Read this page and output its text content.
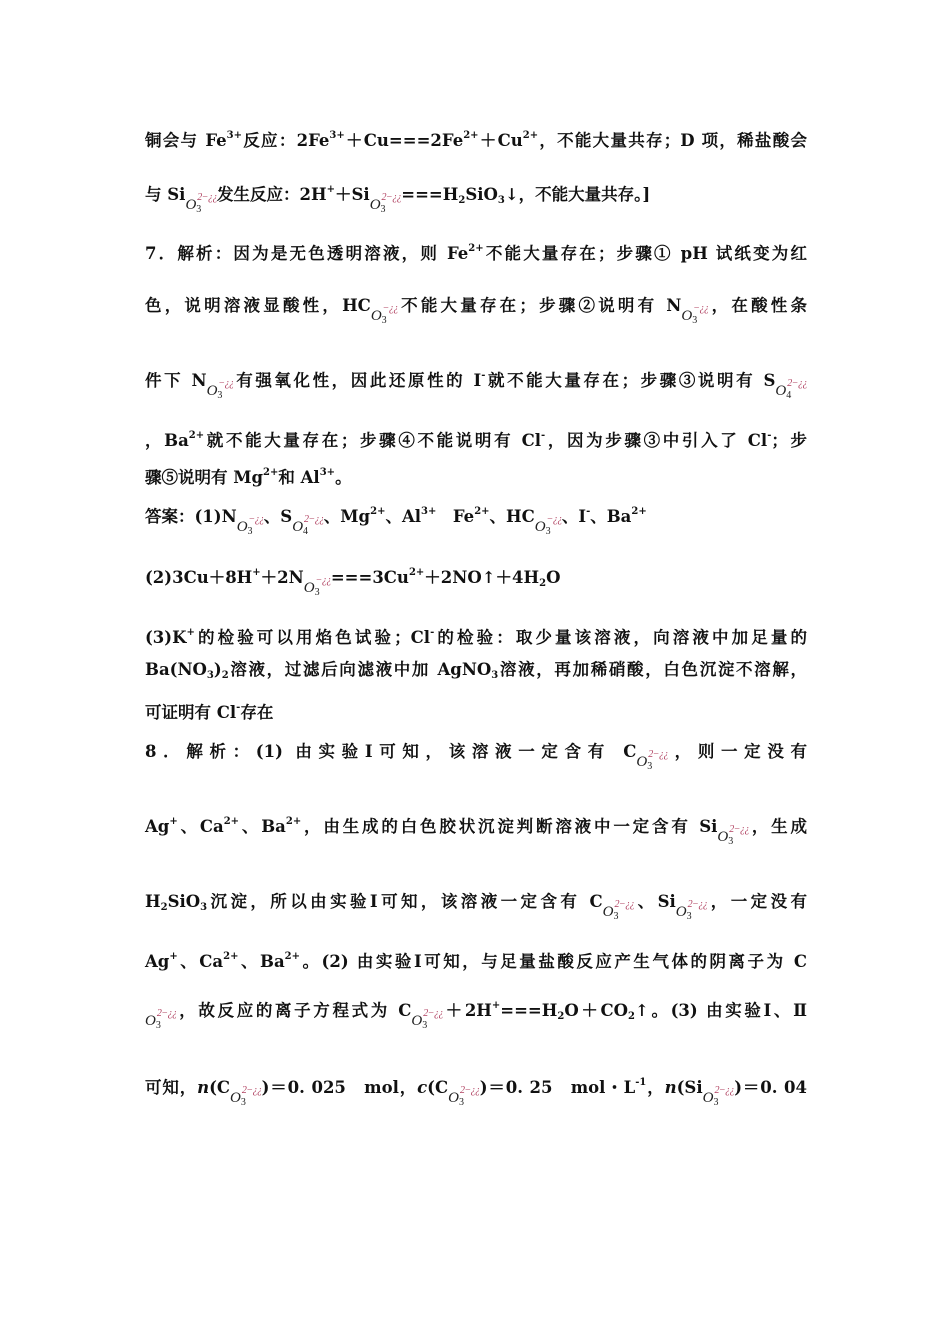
铜会与 $Fe^{3+}$反应：$2Fe^{3+}+Cu===2Fe^{2+}+Cu^{2+}$，不能大量共存；D 项，稀盐酸会
与 SiO$_3^{2-¿¿}$发生反应：$2H^++SiO_3^{2-¿¿}===H_2SiO_3↓$，不能大量共存。]
7．解析：因为是无色透明溶液，则 $Fe^{2+}$不能大量存在；步骤① pH 试纸变为红
色，说明溶液显酸性，$HCO_3^{-¿¿}$不能大量存在；步骤②说明有 $NO_3^{-¿¿}$，在酸性条
件下 $NO_3^{-¿¿}$有强氧化性，因此还原性的 I-就不能大量存在；步骤③说明有 $SO_4^{2-¿¿}$
，$Ba^{2+}$就不能大量存在；步骤④不能说明有 Cl-，因为步骤③中引入了 Cl-；步
骤⑤说明有 $Mg^{2+}$和 $Al^{3+}$。
答案：$(1)NO_3^{-¿¿}$、$SO_4^{2-¿¿}$、$Mg^{2+}$、$Al^{3+}$　$Fe^{2+}$、$HCO_3^{-¿¿}$、I-、$Ba^{2+}$
$(2)3Cu+8H^++2NO_3^{-¿¿}===3Cu^{2+}+2NO↑+4H_2O$
(3)K+的检验可以用焰色试验；Cl-的检验：取少量该溶液，向溶液中加足量的
$Ba(NO_3)_2$溶液，过滤后向滤液中加 AgNO$_3$溶液，再加稀硝酸，白色沉淀不溶解，
可证明有 Cl-存在
8．解析：(1) 由实验Ⅰ可知，该溶液一定含有 $CO_3^{2-¿¿}$，则一定没有
Ag+、$Ca^{2+}$、$Ba^{2+}$，由生成的白色胶状沉淀判断溶液中一定含有 SiO$_3^{2-¿¿}$，生成
$H_2SiO_3$沉淀，所以由实验Ⅰ可知，该溶液一定含有 $CO_3^{2-¿¿}$、SiO$_3^{2-¿¿}$，一定没有
Ag+、$Ca^{2+}$、$Ba^{2+}$。(2) 由实验Ⅰ可知，与足量盐酸反应产生气体的阴离子为 C
$O_3^{2-¿¿}$，故反应的离子方程式为 $CO_3^{2-¿¿}+2H^+===H_2O+CO_2↑$。(3) 由实验Ⅰ、Ⅱ
可知，$n(CO_3^{2-¿¿})=0$. 025　mol，$c(CO_3^{2-¿¿})=0$. 25　mol・$L^{-1}$，n(SiO$_3^{2-¿¿}$)＝0. 04
